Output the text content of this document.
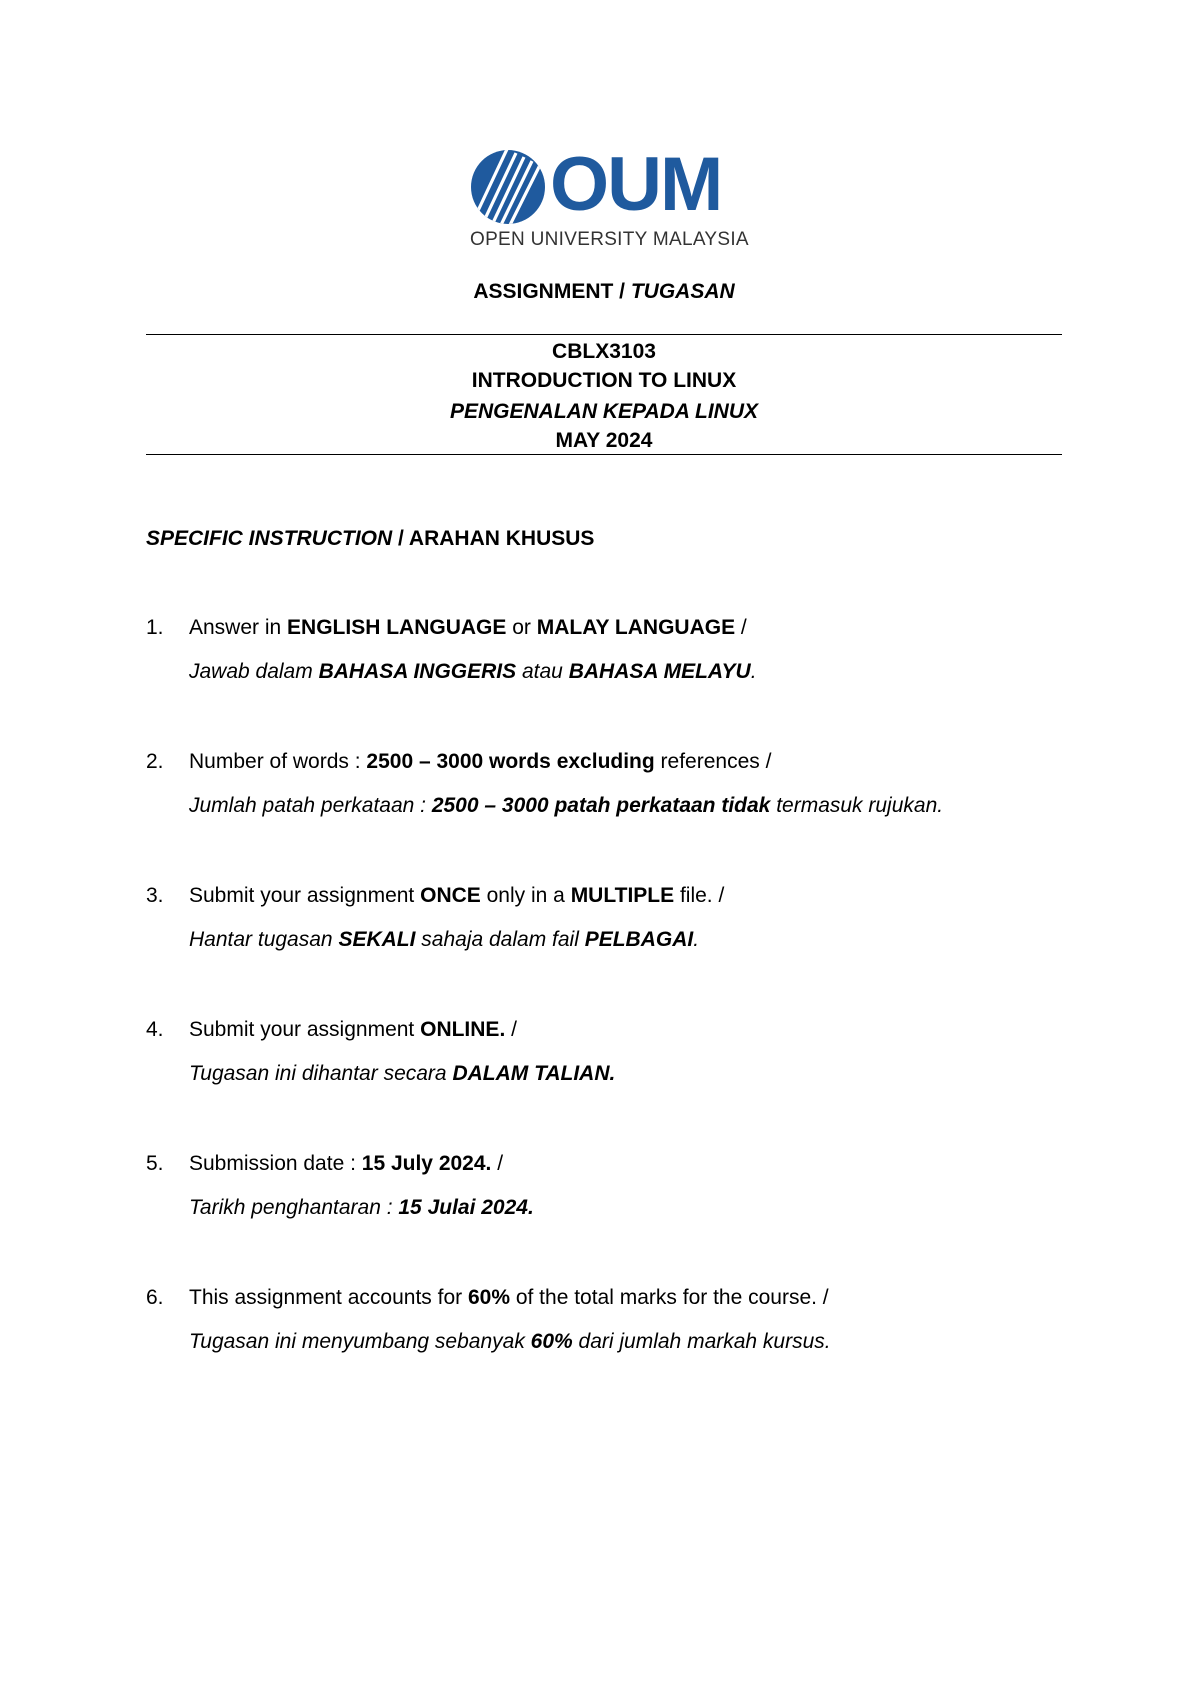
OUM
OPEN UNIVERSITY MALAYSIA
ASSIGNMENT / TUGASAN
CBLX3103
INTRODUCTION TO LINUX
PENGENALAN KEPADA LINUX
MAY 2024
SPECIFIC INSTRUCTION / ARAHAN KHUSUS
1. Answer in ENGLISH LANGUAGE or MALAY LANGUAGE /
Jawab dalam BAHASA INGGERIS atau BAHASA MELAYU.
2. Number of words : 2500 – 3000 words excluding references /
Jumlah patah perkataan : 2500 – 3000 patah perkataan tidak termasuk rujukan.
3. Submit your assignment ONCE only in a MULTIPLE file. /
Hantar tugasan SEKALI sahaja dalam fail PELBAGAI.
4. Submit your assignment ONLINE. /
Tugasan ini dihantar secara DALAM TALIAN.
5. Submission date : 15 July 2024. /
Tarikh penghantaran : 15 Julai 2024.
6. This assignment accounts for 60% of the total marks for the course. /
Tugasan ini menyumbang sebanyak 60% dari jumlah markah kursus.
